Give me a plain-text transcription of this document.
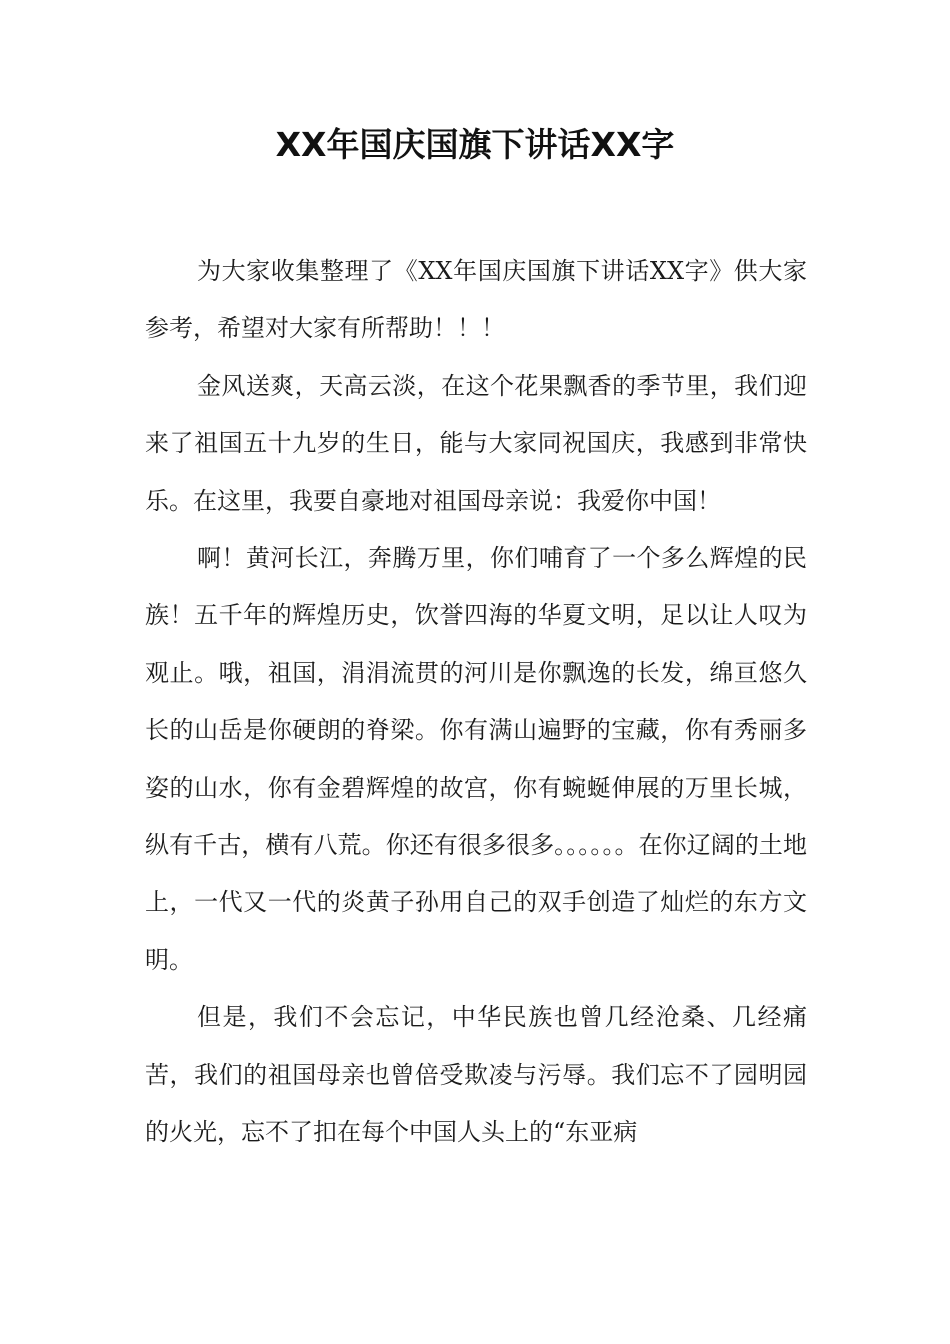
XX年国庆国旗下讲话XX字

为大家收集整理了《XX年国庆国旗下讲话XX字》供大家参考，希望对大家有所帮助！！！

金风送爽，天高云淡，在这个花果飘香的季节里，我们迎来了祖国五十九岁的生日，能与大家同祝国庆，我感到非常快乐。在这里，我要自豪地对祖国母亲说：我爱你中国！

啊！黄河长江，奔腾万里，你们哺育了一个多么辉煌的民族！五千年的辉煌历史，饮誉四海的华夏文明，足以让人叹为观止。哦，祖国，涓涓流贯的河川是你飘逸的长发，绵亘悠久长的山岳是你硬朗的脊梁。你有满山遍野的宝藏，你有秀丽多姿的山水，你有金碧辉煌的故宫，你有蜿蜒伸展的万里长城，纵有千古，横有八荒。你还有很多很多。。。。。。在你辽阔的土地上，一代又一代的炎黄子孙用自己的双手创造了灿烂的东方文明。

但是，我们不会忘记，中华民族也曾几经沧桑、几经痛苦，我们的祖国母亲也曾倍受欺凌与污辱。我们忘不了园明园的火光，忘不了扣在每个中国人头上的“东亚病
